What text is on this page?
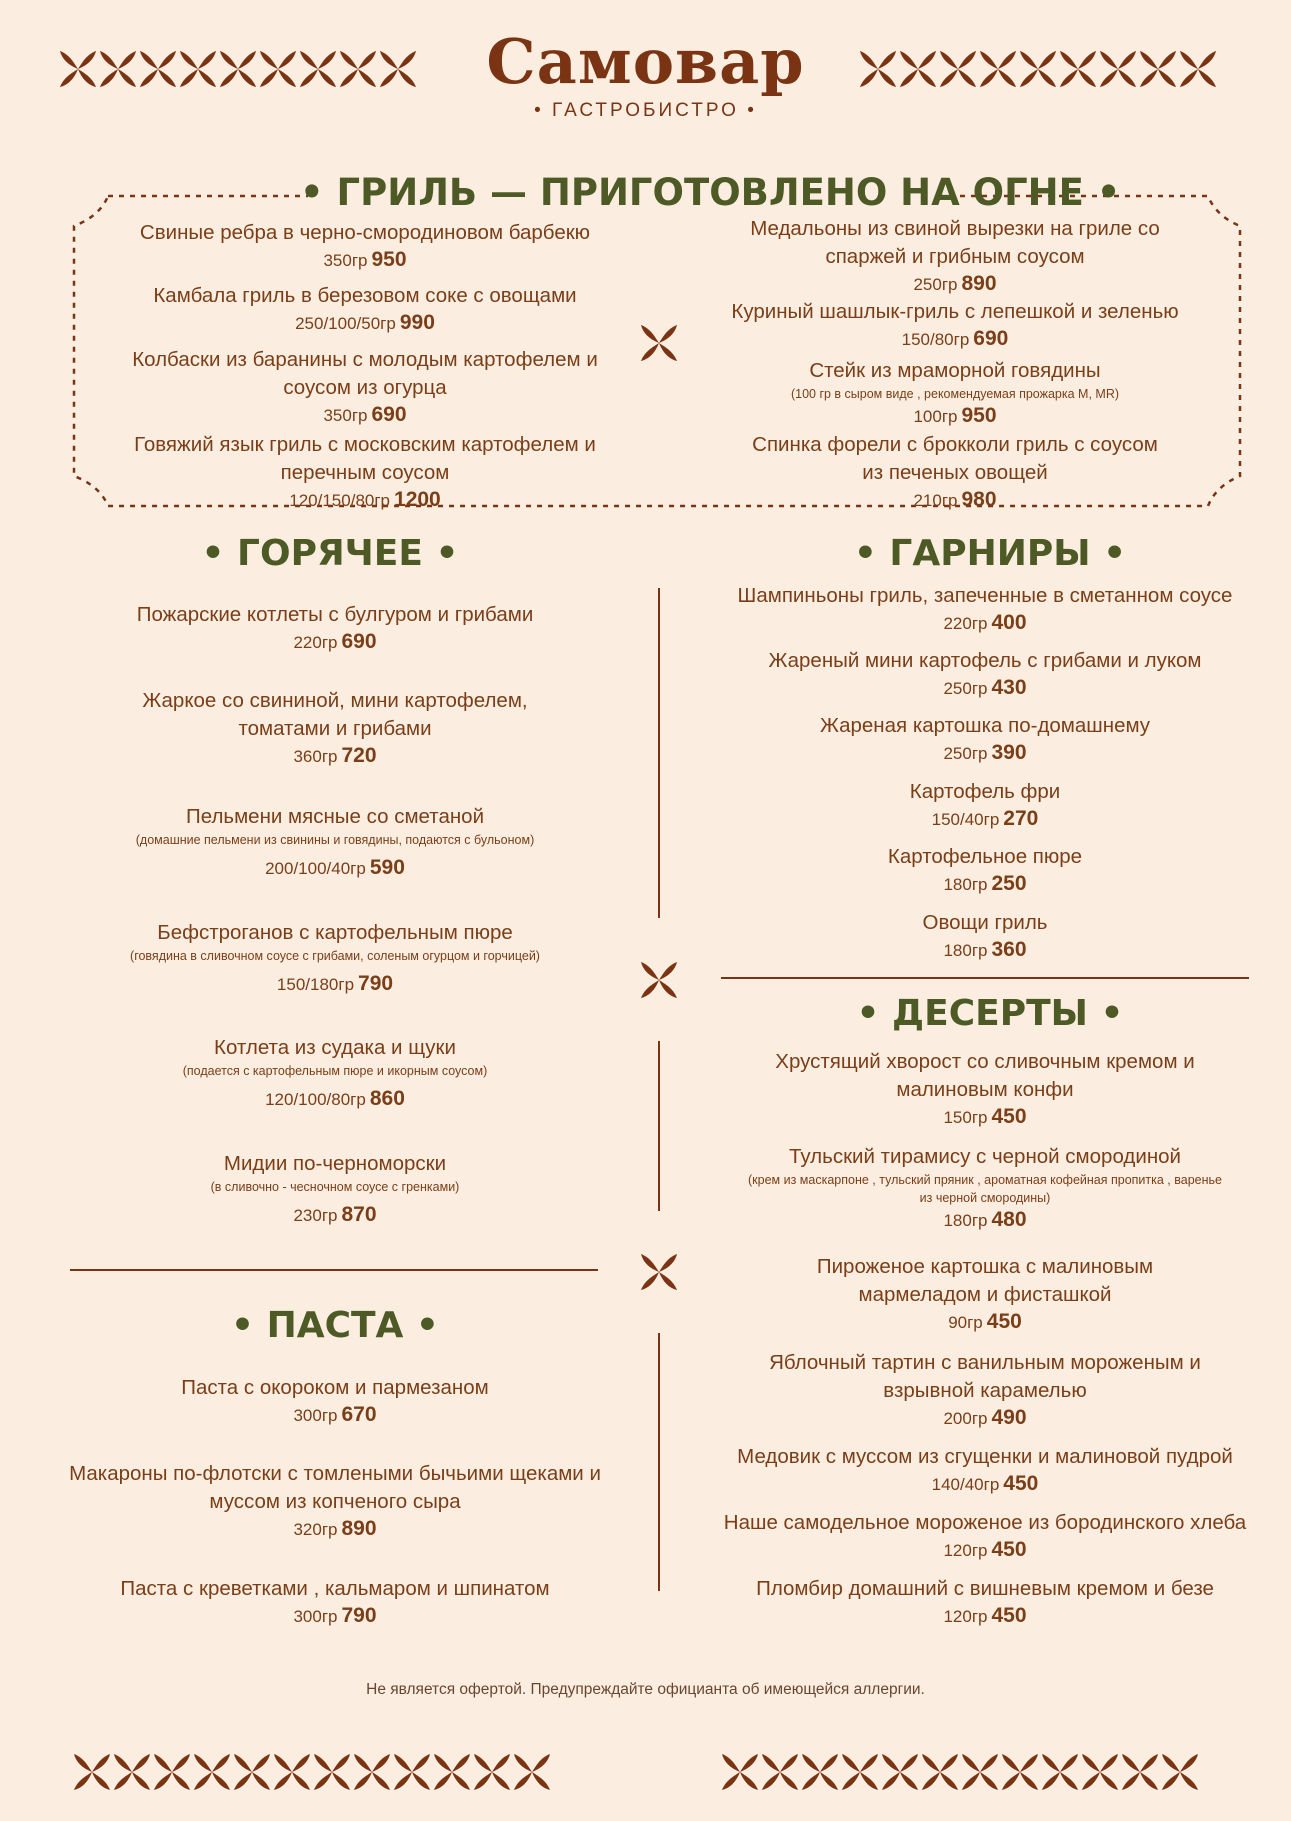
Самовар
• ГАСТРОБИСТРО •
• ГРИЛЬ — ПРИГОТОВЛЕНО НА ОГНЕ •
Свиные ребра в черно-смородиновом барбекю
350гр 950
Камбала гриль в березовом соке с овощами
250/100/50гр 990
Колбаски из баранины с молодым картофелем и соусом из огурца
350гр 690
Говяжий язык гриль с московским картофелем и перечным соусом
120/150/80гр 1200
Медальоны из свиной вырезки на гриле со спаржей и грибным соусом
250гр 890
Куриный шашлык-гриль с лепешкой и зеленью
150/80гр 690
Стейк из мраморной говядины
(100 гр в сыром виде , рекомендуемая прожарка M, MR)
100гр 950
Спинка форели с брокколи гриль с соусом из печеных овощей
210гр 980
• ГОРЯЧЕЕ •	• ГАРНИРЫ •
• ДЕСЕРТЫ •
• ПАСТА •
Пожарские котлеты с булгуром и грибами
220гр 690
Жаркое со свининой, мини картофелем, томатами и грибами
360гр 720
Пельмени мясные со сметаной
(домашние пельмени из свинины и говядины, подаются с бульоном)
200/100/40гр 590
Бефстроганов с картофельным пюре
(говядина в сливочном соусе с грибами, соленым огурцом и горчицей)
150/180гр 790
Котлета из судака и щуки
(подается с картофельным пюре и икорным соусом)
120/100/80гр 860
Мидии по-черноморски
(в сливочно - чесночном соусе с гренками)
230гр 870
Шампиньоны гриль, запеченные в сметанном соусе
220гр 400
Жареный мини картофель с грибами и луком
250гр 430
Жареная картошка по-домашнему
250гр 390
Картофель фри
150/40гр 270
Картофельное пюре
180гр 250
Овощи гриль
180гр 360
Хрустящий хворост со сливочным кремом и малиновым конфи
150гр 450
Тульский тирамису с черной смородиной
(крем из маскарпоне , тульский пряник , ароматная кофейная пропитка , варенье из черной смородины)
180гр 480
Пироженое картошка с малиновым мармеладом и фисташкой
90гр 450
Яблочный тартин с ванильным мороженым и взрывной карамелью
200гр 490
Медовик с муссом из сгущенки и малиновой пудрой
140/40гр 450
Наше самодельное мороженое из бородинского хлеба
120гр 450
Пломбир домашний с вишневым кремом и безе
120гр 450
Паста с окороком и пармезаном
300гр 670
Макароны по-флотски с томлеными бычьими щеками и муссом из копченого сыра
320гр 890
Паста с креветками , кальмаром и шпинатом
300гр 790
Не является офертой. Предупреждайте официанта об имеющейся аллергии.
